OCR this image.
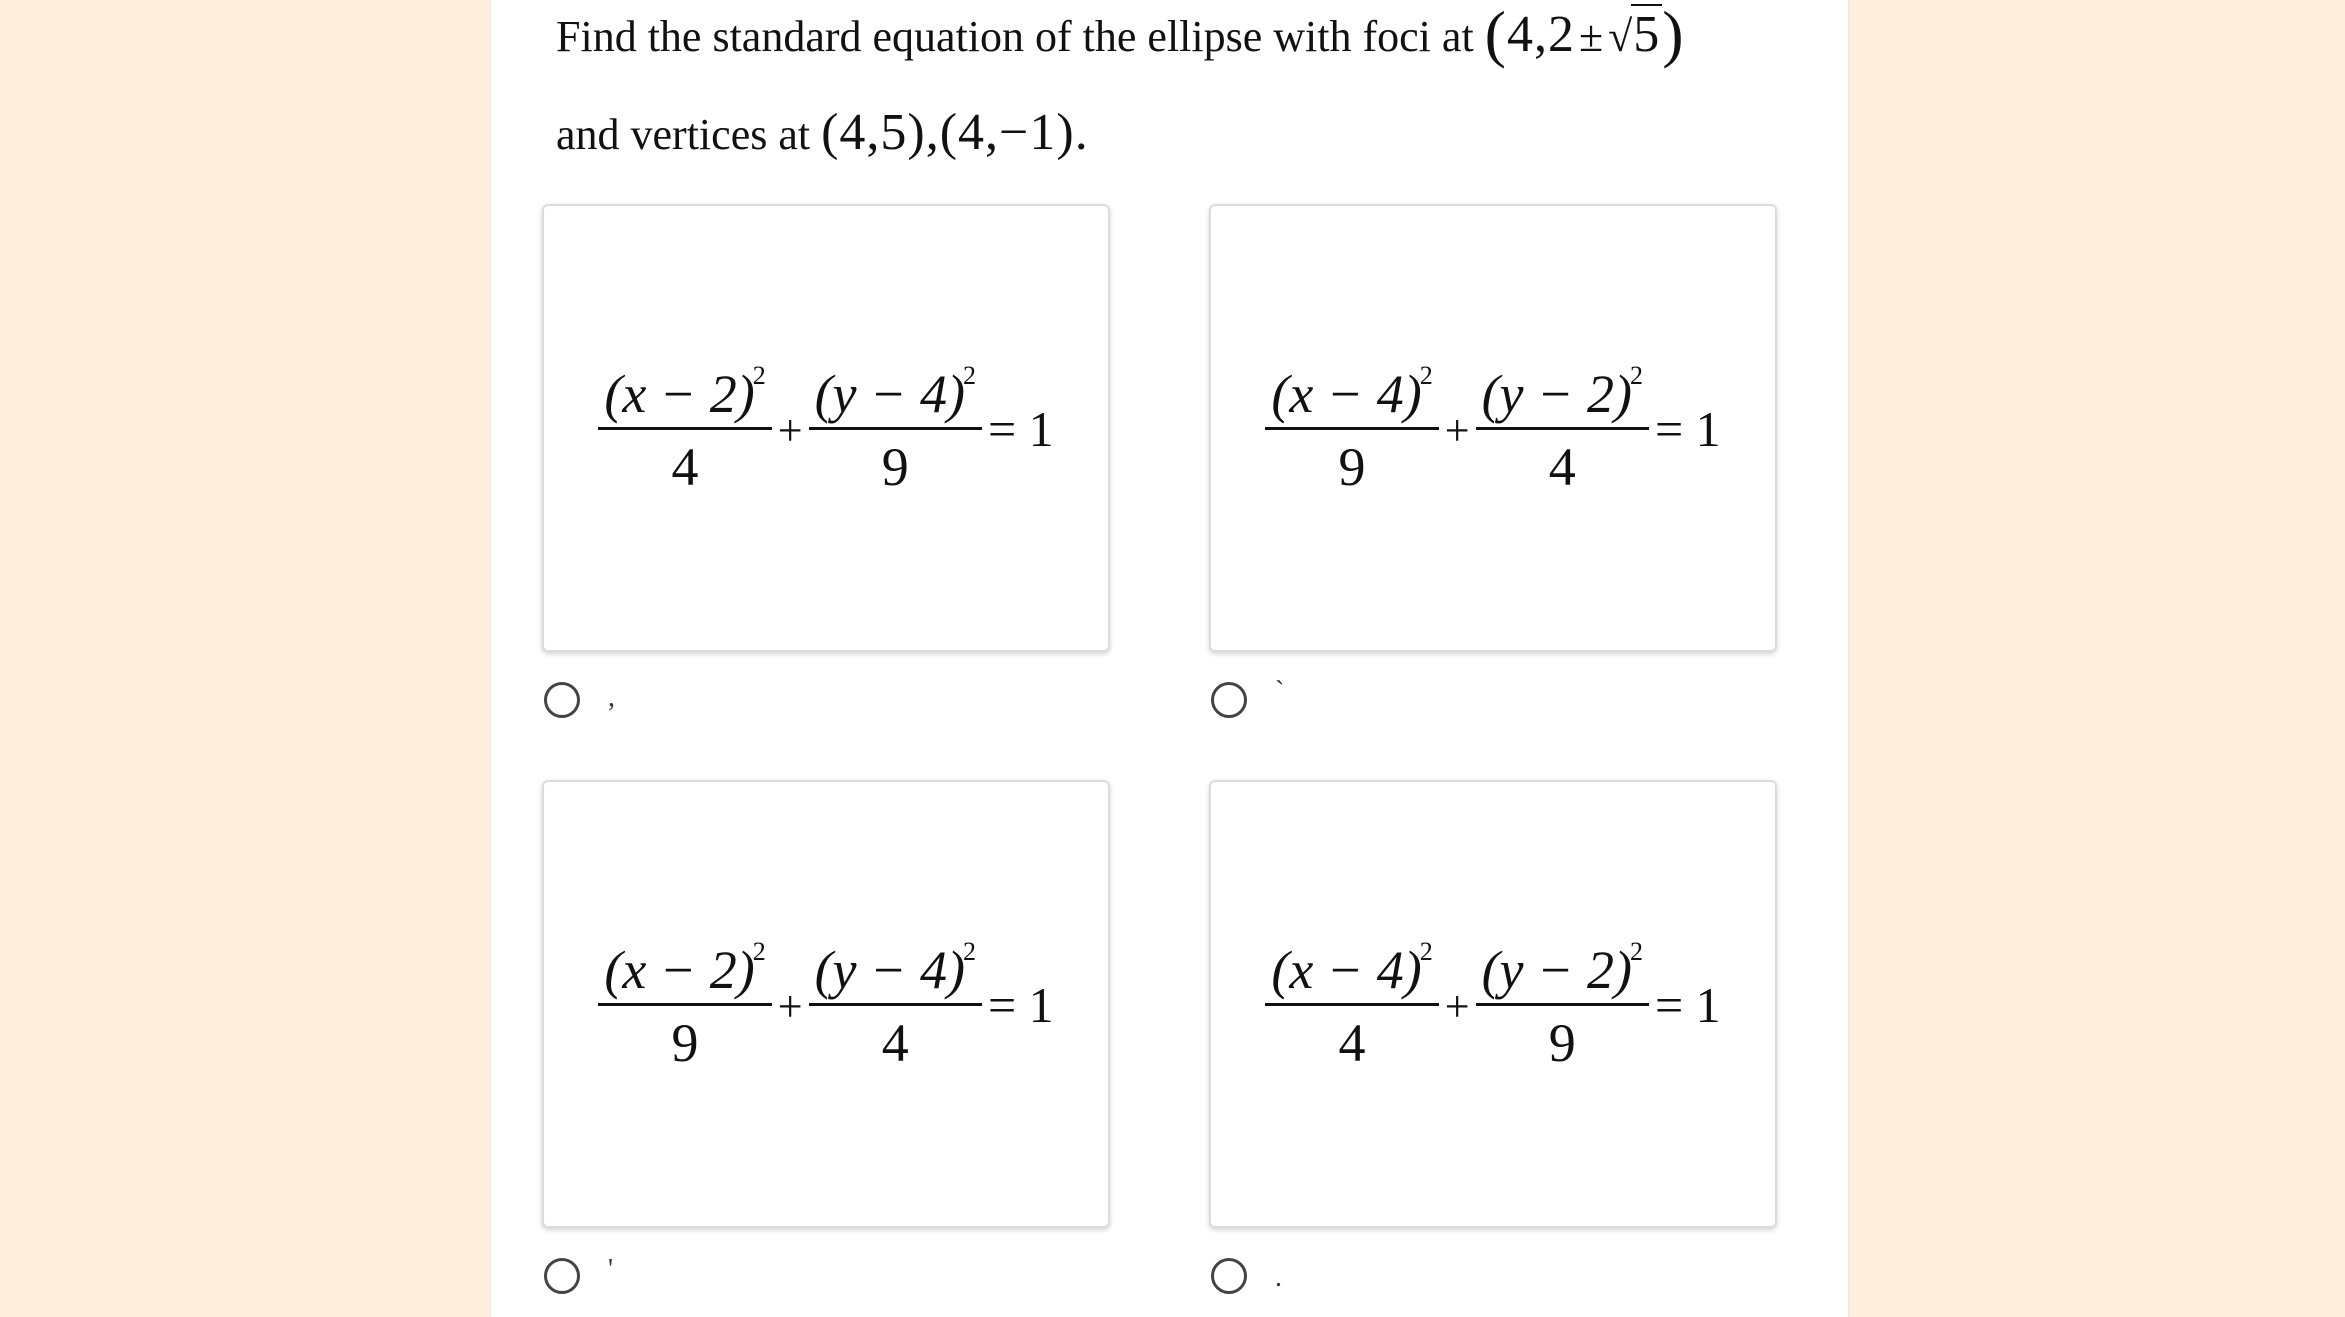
Find the standard equation of the ellipse with foci at (4,2±√5)
and vertices at (4,5),(4,−1).
$\frac{(x - 2)^2}{4} + \frac{(y - 4)^2}{9} = 1$
,
$\frac{(x - 4)^2}{9} + \frac{(y - 2)^2}{4} = 1$
`
$\frac{(x - 2)^2}{9} + \frac{(y - 4)^2}{4} = 1$
'
$\frac{(x - 4)^2}{4} + \frac{(y - 2)^2}{9} = 1$
.
